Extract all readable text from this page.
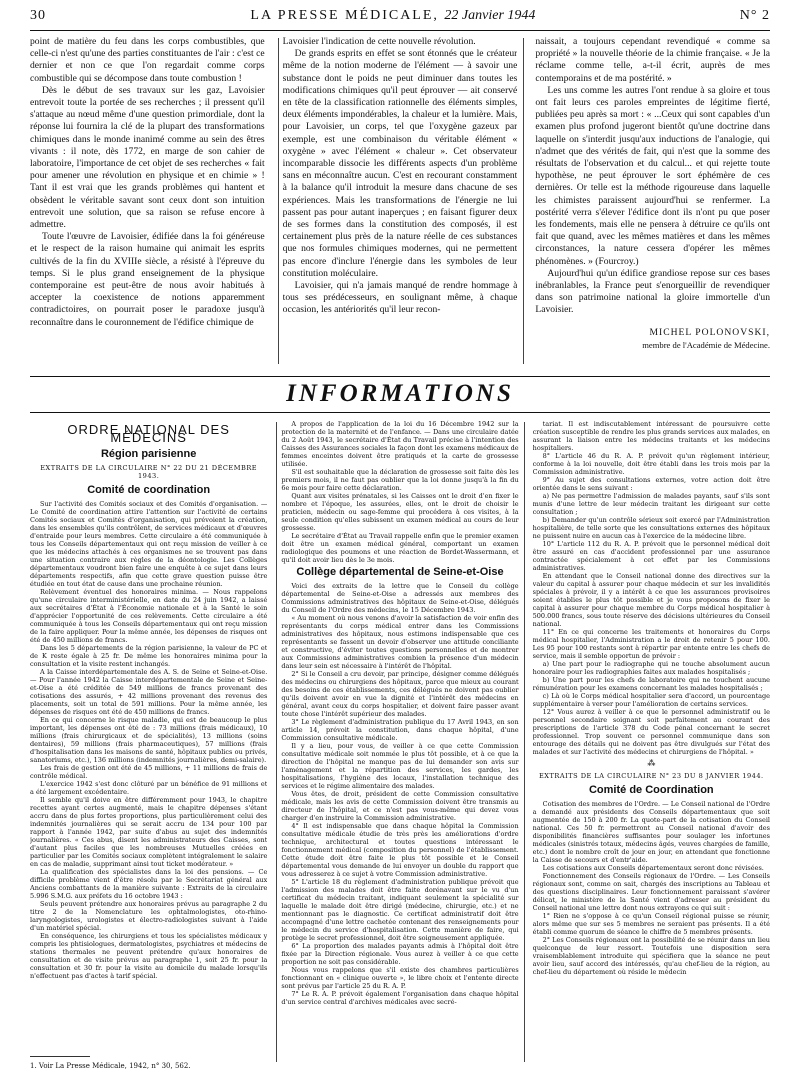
30	LA PRESSE MÉDICALE, 22 Janvier 1944	N° 2

point de matière du feu dans les corps combustibles, que celle-ci n'est qu'une des parties constituantes de l'air : c'est ce dernier et non ce que l'on regardait comme corps combustible qui se décompose dans toute combustion !

Dès le début de ses travaux sur les gaz, Lavoisier entrevoit toute la portée de ses recherches ; il pressent qu'il s'attaque au nœud même d'une question primordiale, dont la réponse lui fournira la clé de la plupart des transformations chimiques dans le monde inanimé comme au sein des êtres vivants : il note, dès 1772, en marge de son cahier de laboratoire, l'importance de cet objet de ses recherches « fait pour amener une révolution en physique et en chimie » ! Tant il est vrai que les grands problèmes qui hantent et obsèdent le véritable savant sont ceux dont son intuition entrevoit une solution, que sa raison se refuse encore à admettre.

Toute l'œuvre de Lavoisier, édifiée dans la foi généreuse et le respect de la raison humaine qui animait les esprits cultivés de la fin du XVIIIe siècle, a résisté à l'épreuve du temps. Si le plus grand enseignement de la physique contemporaine est peut-être de nous avoir habitués à accepter la coexistence de notions apparemment contradictoires, on pourrait poser le paradoxe jusqu'à reconnaître dans le couronnement de l'édifice chimique de

Lavoisier l'indication de cette nouvelle révolution.

De grands esprits en effet se sont étonnés que le créateur même de la notion moderne de l'élément — à savoir une substance dont le poids ne peut diminuer dans toutes les modifications chimiques qu'il peut éprouver — ait conservé en tête de la classification rationnelle des éléments simples, deux éléments impondérables, la chaleur et la lumière. Mais, pour Lavoisier, un corps, tel que l'oxygène gazeux par exemple, est une combinaison du véritable élément « oxygène » avec l'élément « chaleur ». Cet observateur incomparable dissocie les différents aspects d'un problème sans en méconnaître aucun. C'est en recourant constamment à la balance qu'il introduit la mesure dans chacune de ses expériences. Mais les transformations de l'énergie ne lui passent pas pour autant inaperçues ; en faisant figurer deux de ses formes dans la constitution des composés, il est certainement plus près de la nature réelle de ces substances que nos formules chimiques modernes, qui ne permettent pas encore d'inclure l'énergie dans les symboles de leur constitution moléculaire.

Lavoisier, qui n'a jamais manqué de rendre hommage à tous ses prédécesseurs, en soulignant même, à chaque occasion, les antériorités qu'il leur recon-

naissait, a toujours cependant revendiqué « comme sa propriété » la nouvelle théorie de la chimie française. « Je la réclame comme telle, a-t-il écrit, auprès de mes contemporains et de ma postérité. »

Les uns comme les autres l'ont rendue à sa gloire et tous ont fait leurs ces paroles empreintes de légitime fierté, publiées peu après sa mort : « ...Ceux qui sont capables d'un examen plus profond jugeront bientôt qu'une doctrine dans laquelle on s'interdit jusqu'aux inductions de l'analogie, qui n'admet que des vérités de fait, qui n'est que la somme des résultats de l'observation et du calcul... et qui rejette toute hypothèse, ne peut éprouver le sort éphémère de ces dernières. Or telle est la méthode rigoureuse dans laquelle les chimistes paraissent aujourd'hui se renfermer. La postérité verra s'élever l'édifice dont ils n'ont pu que poser les fondements, mais elle ne pensera à détruire ce qu'ils ont fait que quand, avec les mêmes matières et dans les mêmes circonstances, la nature cessera d'opérer les mêmes phénomènes. » (Fourcroy.)

Aujourd'hui qu'un édifice grandiose repose sur ces bases inébranlables, la France peut s'enorgueillir de revendiquer dans son patrimoine national la gloire immortelle d'un Lavoisier.

MICHEL POLONOVSKI,
membre de l'Académie de Médecine.
INFORMATIONS
ORDRE NATIONAL DES MÉDECINS
Région parisienne
EXTRAITS DE LA CIRCULAIRE N° 22 DU 21 DÉCEMBRE 1943.
Comité de coordination

Sur l'activité des Comités sociaux et des Comités d'organisation. — Le Comité de coordination attire l'attention sur l'activité de certains Comités sociaux et Comités d'organisation, qui prévoient la création, dans les ensembles qu'ils contrôlent, de services médicaux et d'œuvres d'entraide pour leurs membres. Cette circulaire a été communiquée à tous les Conseils départementaux qui ont reçu mission de veiller à ce que les médecins attachés à ces organismes ne se trouvent pas dans une situation contraire aux règles de la déontologie. Les Collèges départementaux voudront bien faire une enquête à ce sujet dans leurs départements respectifs, afin que cette grave question puisse être étudiée en tout état de cause dans une prochaine réunion.

Relèvement éventuel des honoraires minima. — Nous rappelons qu'une circulaire interministérielle, en date du 24 juin 1942, a laissé aux secrétaires d'État à l'Économie nationale et à la Santé le soin d'apprécier l'opportunité de ces relèvements. Cette circulaire a été communiquée à tous les Conseils départementaux qui ont reçu mission de la faire appliquer. Pour la même année, les dépenses de risques ont été de 450 millions de francs.

Dans les 5 départements de la région parisienne, la valeur de PC et de K reste égale à 25 fr. De même les honoraires minima pour la consultation et la visite restent inchangés.

A la Caisse interdépartementale des A. S. de Seine et Seine-et-Oise. — Pour l'année 1942 la Caisse interdépartementale de Seine et Seine-et-Oise a été créditée de 549 millions de francs provenant des cotisations des assurés, + 42 millions provenant des revenus des placements, soit un total de 591 millions. Pour la même année, les dépenses de risques ont été de 450 millions de francs.

En ce qui concerne le risque maladie, qui est de beaucoup le plus important, les dépenses ont été de : 73 millions (frais médicaux), 10 millions (frais chirurgicaux et de spécialités), 13 millions (soins dentaires), 59 millions (frais pharmaceutiques), 57 millions (frais d'hospitalisation dans les maisons de santé, hôpitaux publics ou privés, sanatoriums, etc.), 136 millions (indemnités journalières, demi-salaire).

Les frais de gestion ont été de 45 millions, + 11 millions de frais de contrôle médical.

L'exercice 1942 s'est donc clôturé par un bénéfice de 91 millions et a été largement excédentaire.

Il semble qu'il doive en être différemment pour 1943, le chapitre recettes ayant certes augmenté, mais le chapitre dépenses s'étant accru dans de plus fortes proportions, plus particulièrement celui des indemnités journalières qui se serait accru de 134 pour 100 par rapport à l'année 1942, par suite d'abus au sujet des indemnités journalières. « Ces abus, disent les administrateurs des Caisses, sont d'autant plus faciles que les nombreuses Mutuelles créées en particulier par les Comités sociaux complètent intégralement le salaire en cas de maladie, supprimant ainsi tout ticket modérateur. »

La qualification des spécialistes dans la loi des pensions. — Ce difficile problème vient d'être résolu par le Secrétariat général aux Anciens combattants de la manière suivante : Extraits de la circulaire 5.996 S.M.G. aux préfets du 16 octobre 1943 :

Seuls peuvent prétendre aux honoraires prévus au paragraphe 2 du titre 2 de la Nomenclature les ophtalmologistes, oto-rhino-laryngologistes, urologistes et électro-radiologistes suivant à l'aide d'un matériel spécial.

En conséquence, les chirurgiens et tous les spécialistes médicaux y compris les phtisiologues, dermatologistes, psychiatres et médecins de stations thermales ne peuvent prétendre qu'aux honoraires de consultation et de visite prévus au paragraphe 1, soit 25 fr. pour la consultation et 30 fr. pour la visite au domicile du malade lorsqu'ils n'effectuent pas d'actes à tarif spécial.

A propos de l'application de la loi du 16 Décembre 1942 sur la protection de la maternité et de l'enfance. — Dans une circulaire datée du 2 Août 1943, le secrétaire d'État du Travail précise à l'intention des Caisses des Assurances sociales la façon dont les examens médicaux de femmes enceintes doivent être pratiqués et la carte de grossesse utilisée.

S'il est souhaitable que la déclaration de grossesse soit faite dès les premiers mois, il ne faut pas oublier que la loi donne jusqu'à la fin du 6e mois pour faire cette déclaration.

Quant aux visites prénatales, si les Caisses ont le droit d'en fixer le nombre et l'époque, les assurées, elles, ont le droit de choisir le praticien, médecin ou sage-femme qui procédera à ces visites, à la seule condition qu'elles subissent un examen médical au cours de leur grossesse.

Le secrétaire d'État au Travail rappelle enfin que le premier examen doit être un examen médical général, comportant un examen radiologique des poumons et une réaction de Bordet-Wassermann, et qu'il doit avoir lieu dès le 3e mois.

Collège départemental de Seine-et-Oise

Voici des extraits de la lettre que le Conseil du collège départemental de Seine-et-Oise a adressés aux membres des Commissions administratives des hôpitaux de Seine-et-Oise, délégués du Conseil de l'Ordre des médecins, le 15 Décembre 1943.

« Au moment où nous venons d'avoir la satisfaction de voir enfin des représentants du corps médical entrer dans les Commissions administratives des hôpitaux, nous estimons indispensable que ces représentants se fassent un devoir d'observer une attitude conciliante et constructive, d'éviter toutes questions personnelles et de montrer aux Commissions administratives combien la présence d'un médecin dans leur sein est nécessaire à l'intérêt de l'hôpital.

2° Si le Conseil a cru devoir, par principe, désigner comme délégués des médecins ou chirurgiens des hôpitaux, parce que mieux au courant des besoins de ces établissements, ces délégués ne doivent pas oublier qu'ils doivent avoir en vue la dignité et l'intérêt des médecins en général, avant ceux du corps hospitalier, et doivent faire passer avant toute chose l'intérêt supérieur des malades.

3° Le règlement d'administration publique du 17 Avril 1943, en son article 14, prévoit la constitution, dans chaque hôpital, d'une Commission consultative médicale.

Il y a lieu, pour vous, de veiller à ce que cette Commission consultative médicale soit nommée le plus tôt possible, et à ce que la direction de l'hôpital ne manque pas de lui demander son avis sur l'aménagement et la répartition des services, les gardes, les hospitalisations, l'hygiène des locaux, l'installation technique des services et le régime alimentaire des malades.

Vous êtes, de droit, président de cette Commission consultative médicale, mais les avis de cette Commission doivent être transmis au directeur de l'hôpital, et ce n'est pas vous-même qui devez vous charger d'en instruire la Commission administrative.

4° Il est indispensable que dans chaque hôpital la Commission consultative médicale étudie de très près les améliorations d'ordre technique, architectural et toutes questions intéressant le fonctionnement médical (composition du personnel) de l'établissement. Cette étude doit être faite le plus tôt possible et le Conseil départemental vous demande de lui envoyer un double du rapport que vous adresserez à ce sujet à votre Commission administrative.

5° L'article 18 du règlement d'administration publique prévoit que l'admission des malades doit être faite dorénavant sur le vu d'un certificat du médecin traitant, indiquant seulement la spécialité sur laquelle le malade doit être dirigé (médecine, chirurgie, etc.) et ne mentionnant pas le diagnostic. Ce certificat administratif doit être accompagné d'une lettre cachetée contenant des renseignements pour le médecin du service d'hospitalisation. Cette manière de faire, qui protège le secret professionnel, doit être soigneusement appliquée.

6° La proportion des malades payants admis à l'hôpital doit être fixée par la Direction régionale. Vous aurez à veiller à ce que cette proportion ne soit pas considérable.

Nous vous rappelons que s'il existe des chambres particulières fonctionnant en « clinique ouverte », le libre choix et l'entente directe sont prévus par l'article 25 du R. A. P.

7° Le R. A. P. prévoit également l'organisation dans chaque hôpital d'un service central d'archives médicales avec secré-

tariat. Il est indiscutablement intéressant de poursuivre cette création susceptible de rendre les plus grands services aux malades, en assurant la liaison entre les médecins traitants et les médecins hospitaliers.

8° L'article 46 du R. A. P. prévoit qu'un règlement intérieur, conforme à la loi nouvelle, doit être établi dans les trois mois par la Commission administrative.

9° Au sujet des consultations externes, votre action doit être orientée dans le sens suivant :

a) Ne pas permettre l'admission de malades payants, sauf s'ils sont munis d'une lettre de leur médecin traitant les dirigeant sur cette consultation ;

b) Demander qu'un contrôle sérieux soit exercé par l'Administration hospitalière, de telle sorte que les consultations externes des hôpitaux ne puissent nuire en aucun cas à l'exercice de la médecine libre.

10° L'article 112 du R. A. P. prévoit que le personnel médical doit être assuré en cas d'accident professionnel par une assurance contractée spécialement à cet effet par les Commissions administratives.

En attendant que le Conseil national donne des directives sur la valeur du capital à assurer pour chaque médecin et sur les invalidités spéciales à prévoir, il y a intérêt à ce que les assurances provisoires soient établies le plus tôt possible et je vous proposons de fixer le capital à assurer pour chaque membre du Corps médical hospitalier à 500.000 francs, sous toute réserve des décisions ultérieures du Conseil national.

11° En ce qui concerne les traitements et honoraires du Corps médical hospitalier, l'Administration a le droit de retenir 5 pour 100. Les 95 pour 100 restants sont à répartir par entente entre les chefs de service, mais il semble opportun de prévoir :

a) Une part pour le radiographe qui ne touche absolument aucun honoraire pour les radiographies faites aux malades hospitalisés ;

b) Une part pour les chefs de laboratoire qui ne touchent aucune rémunération pour les examens concernant les malades hospitalisés ;

c) Là où le Corps médical hospitalier sera d'accord, un pourcentage supplémentaire à verser pour l'amélioration de certains services.

12° Vous aurez à veiller à ce que le personnel administratif ou le personnel secondaire soignant soit parfaitement au courant des prescriptions de l'article 378 du Code pénal concernant le secret professionnel. Trop souvent ce personnel communique dans son entourage des détails qui ne doivent pas être divulgués sur l'état des malades et sur l'activité des médecins et chirurgiens de l'hôpital. »

⁂
EXTRAITS DE LA CIRCULAIRE N° 23 DU 8 JANVIER 1944.
Comité de Coordination

Cotisation des membres de l'Ordre. — Le Conseil national de l'Ordre a demandé aux présidents des Conseils départementaux que soit augmentée de 150 à 200 fr. La quote-part de la cotisation du Conseil national. Ces 50 fr. permettront au Conseil national d'avoir des disponibilités financières suffisantes pour soulager les infortunes médicales (sinistrés totaux, médecins âgés, veuves chargées de famille, etc.) dont le nombre croît de jour en jour, en attendant que fonctionne la Caisse de secours et d'entr'aide.

Les cotisations aux Conseils départementaux seront donc révisées.

Fonctionnement des Conseils régionaux de l'Ordre. — Les Conseils régionaux sont, comme on sait, chargés des inscriptions au Tableau et des questions disciplinaires. Leur fonctionnement paraissant s'avérer délicat, le ministère de la Santé vient d'adresser au président du Conseil national une lettre dont nous extrayons ce qui suit :

1° Rien ne s'oppose à ce qu'un Conseil régional puisse se réunir, alors même que sur ses 5 membres ne seraient pas présents. Il a été établi comme quorum de séance le chiffre de 5 membres présents.

2° Les Conseils régionaux ont la possibilité de se réunir dans un lieu quelconque de leur ressort. Toutefois une disposition sera vraisemblablement introduite qui spécifiera que la séance ne peut avoir lieu, sauf accord des intéressés, qu'au chef-lieu de la région, au chef-lieu du département où réside le médecin

1. Voir La Presse Médicale, 1942, n° 30, 562.
